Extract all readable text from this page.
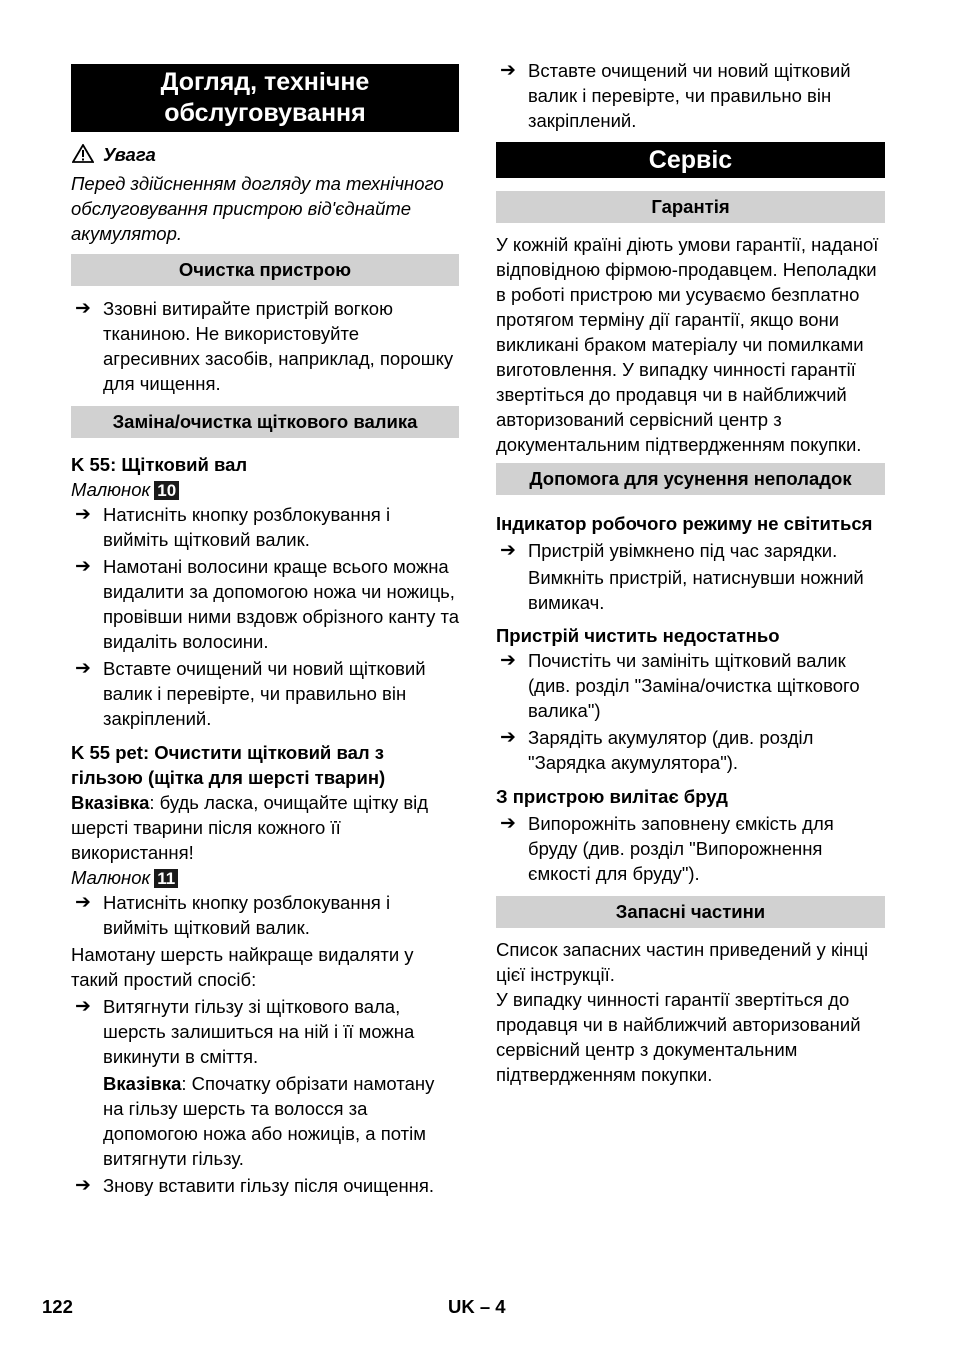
Догляд, технічне обслуговування
Увага
Перед здійсненням догляду та технічного обслуговування пристрою від'єднайте акумулятор.
Очистка пристрою
➔ Ззовні витирайте пристрій вогкою тканиною. Не використовуйте агресивних засобів, наприклад, порошку для чищення.
Заміна/очистка щіткового валика
K 55: Щітковий вал
Малюнок 10
➔ Натисніть кнопку розблокування і вийміть щітковий валик.
➔ Намотані волосини краще всього можна видалити за допомогою ножа чи ножиць, провівши ними вздовж обрізного канту та видаліть волосини.
➔ Вставте очищений чи новий щітковий валик і перевірте, чи правильно він закріплений.
K 55 pet: Очистити щітковий вал з гільзою (щітка для шерсті тварин)
Вказівка: будь ласка, очищайте щітку від шерсті тварини після кожного її використання!
Малюнок 11
➔ Натисніть кнопку розблокування і вийміть щітковий валик.
Намотану шерсть найкраще видаляти у такий простий спосіб:
➔ Витягнути гільзу зі щіткового вала, шерсть залишиться на ній і її можна викинути в сміття.
Вказівка: Спочатку обрізати намотану на гільзу шерсть та волосся за допомогою ножа або ножиців, а потім витягнути гільзу.
➔ Знову вставити гільзу після очищення.
➔ Вставте очищений чи новий щітковий валик і перевірте, чи правильно він закріплений.
Сервіс
Гарантія
У кожній країні діють умови гарантії, наданої відповідною фірмою-продавцем. Неполадки в роботі пристрою ми усуваємо безплатно протягом терміну дії гарантії, якщо вони викликані браком матеріалу чи помилками виготовлення. У випадку чинності гарантії звертіться до продавця чи в найближчий авторизований сервісний центр з документальним підтвердженням покупки.
Допомога для усунення неполадок
Індикатор робочого режиму не світиться
➔ Пристрій увімкнено під час зарядки.
Вимкніть пристрій, натиснувши ножний вимикач.
Пристрій чистить недостатньо
➔ Почистіть чи замініть щітковий валик (див. розділ "Заміна/очистка щіткового валика")
➔ Зарядіть акумулятор (див. розділ "Зарядка акумулятора").
З пристрою вилітає бруд
➔ Випорожніть заповнену ємкість для бруду (див. розділ "Випорожнення ємкості для бруду").
Запасні частини
Список запасних частин приведений у кінці цієї інструкції.
У випадку чинності гарантії звертіться до продавця чи в найближчий авторизований сервісний центр з документальним підтвердженням покупки.
122	UK – 4
